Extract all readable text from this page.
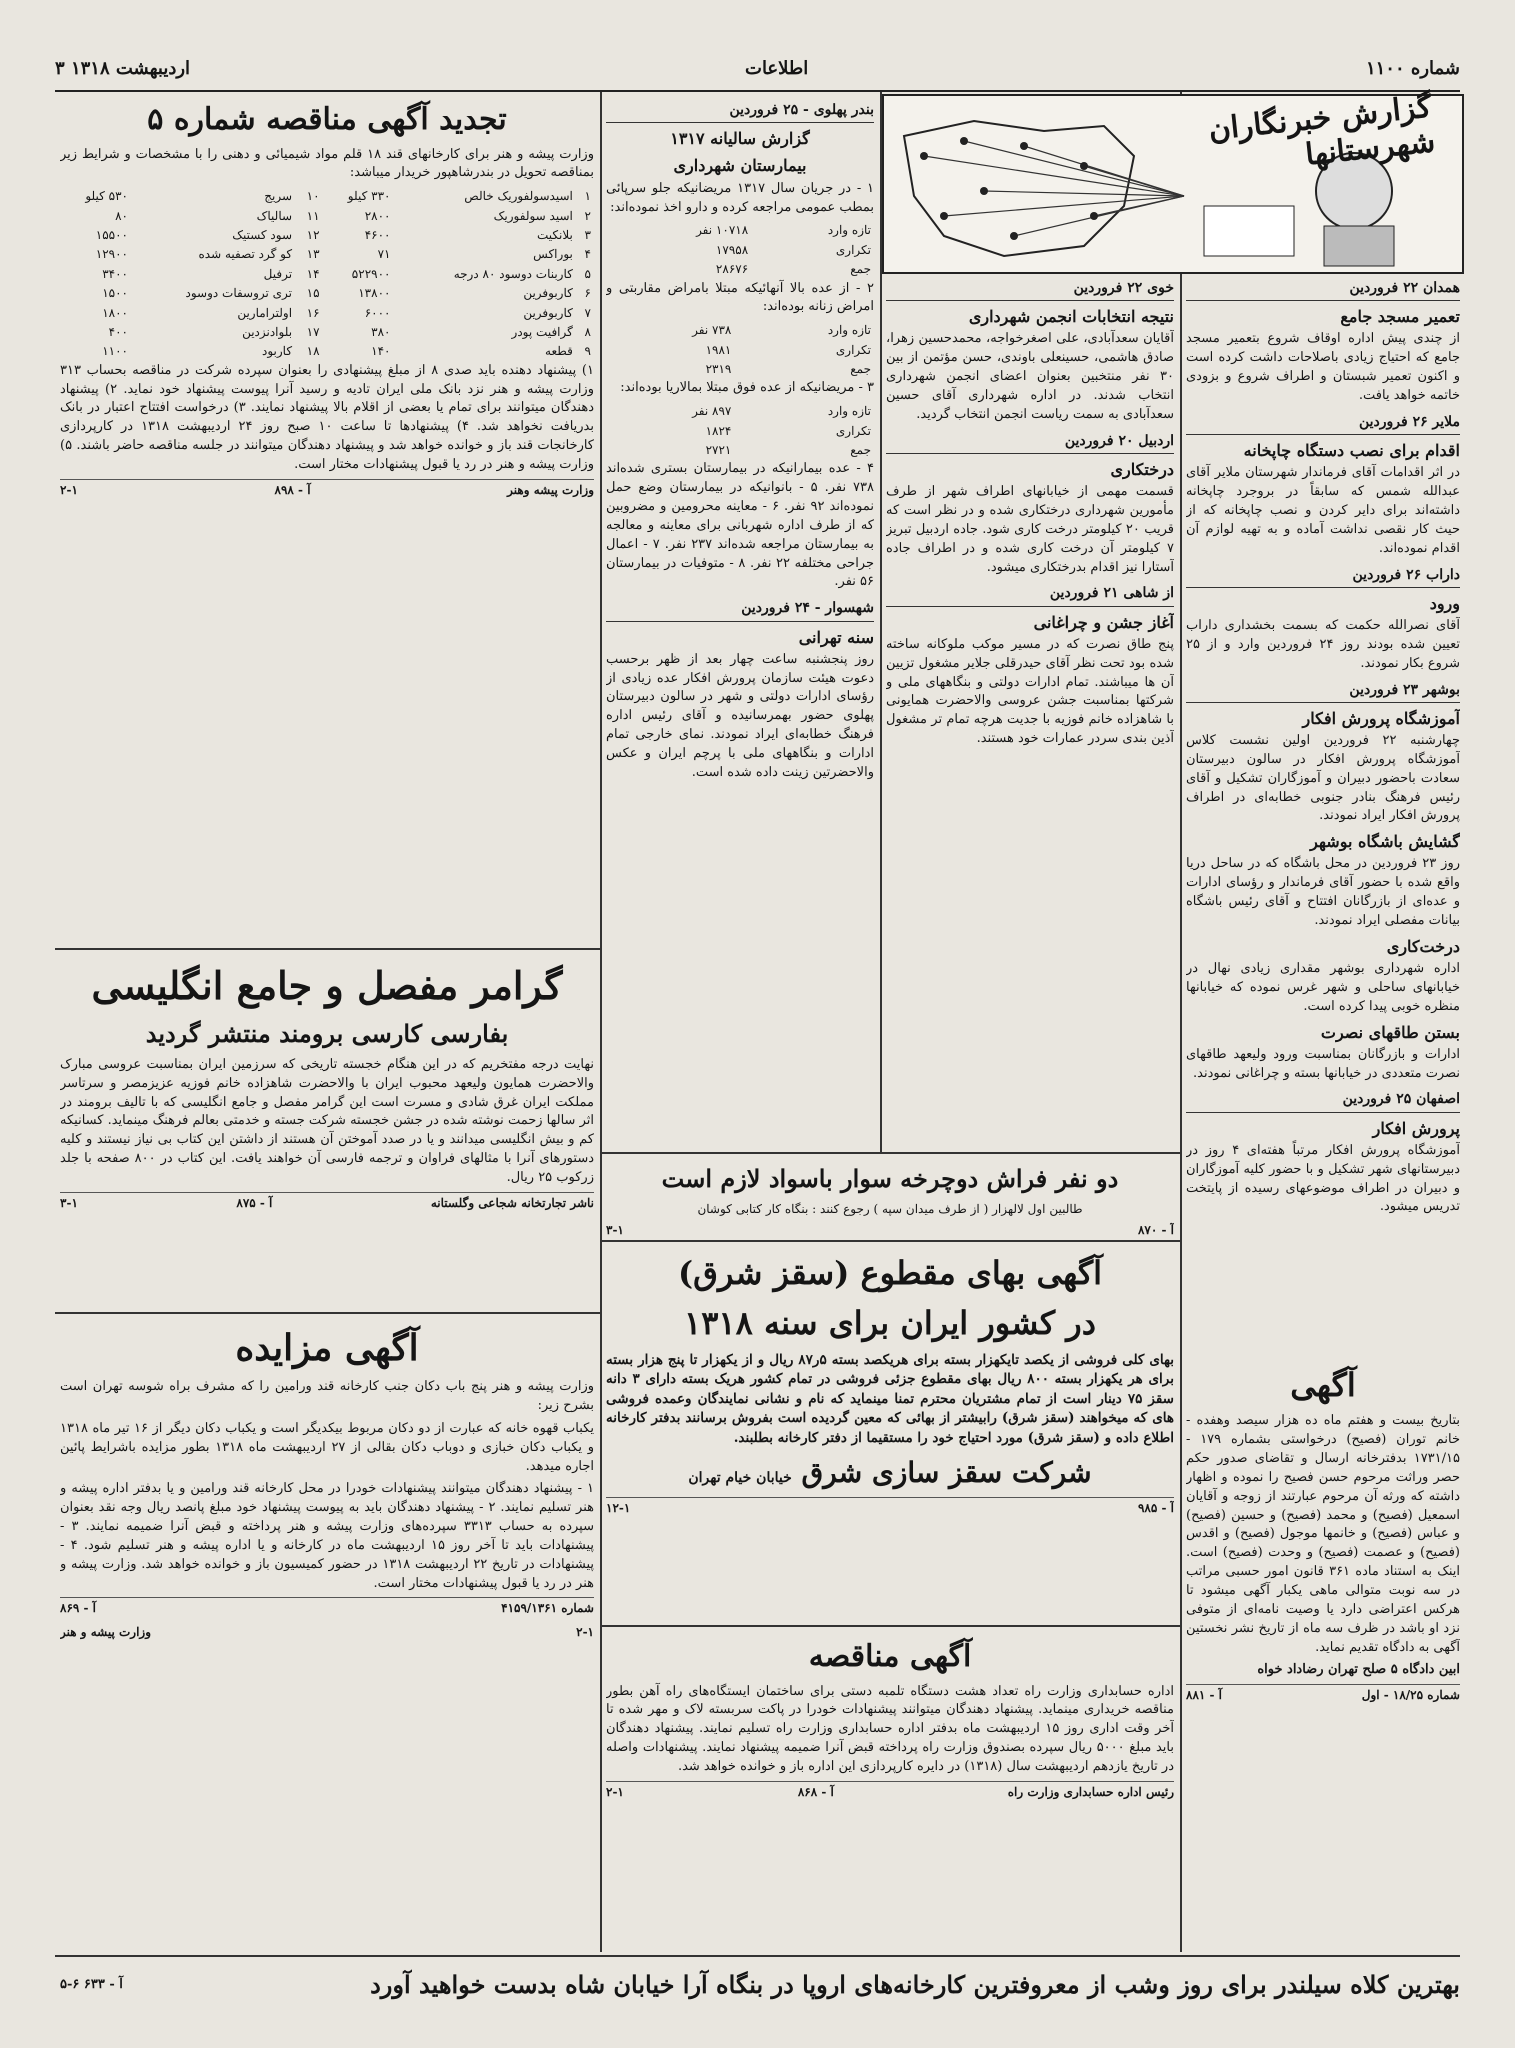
۳ اردیبهشت ۱۳۱۸	اطلاعات	شماره ۱۱۰۰
گزارش خبرنگاران شهرستانها
همدان ۲۲ فروردین
تعمیر مسجد جامع

از چندی پیش اداره اوقاف شروع بتعمیر مسجد جامع که احتیاج زیادی باصلاحات داشت کرده است و اکنون تعمیر شبستان و اطراف شروع و بزودی خاتمه خواهد یافت.

ملایر ۲۶ فروردین
اقدام برای نصب دستگاه چاپخانه

در اثر اقدامات آقای فرماندار شهرستان ملایر آقای عبدالله شمس که سابقاً در بروجرد چاپخانه داشته‌اند برای دایر کردن و نصب چاپخانه که از حیث کار نقصی نداشت آماده و به تهیه لوازم آن اقدام نموده‌اند.

داراب ۲۶ فروردین
ورود

آقای نصرالله حکمت که بسمت بخشداری داراب تعیین شده بودند روز ۲۴ فروردین وارد و از ۲۵ شروع بکار نمودند.

بوشهر ۲۳ فروردین
آموزشگاه پرورش افکار

چهارشنبه ۲۲ فروردین اولین نشست کلاس آموزشگاه پرورش افکار در سالون دبیرستان سعادت باحضور دبیران و آموزگاران تشکیل و آقای رئیس فرهنگ بنادر جنوبی خطابه‌ای در اطراف پرورش افکار ایراد نمودند.

گشایش باشگاه بوشهر

روز ۲۳ فروردین در محل باشگاه که در ساحل دریا واقع شده با حضور آقای فرماندار و رؤسای ادارات و عده‌ای از بازرگانان افتتاح و آقای رئیس باشگاه بیانات مفصلی ایراد نمودند.

درخت‌کاری

اداره شهرداری بوشهر مقداری زیادی نهال در خیابانهای ساحلی و شهر غرس نموده که خیابانها منظره خوبی پیدا کرده است.

بستن طاقهای نصرت

ادارات و بازرگانان بمناسبت ورود ولیعهد طاقهای نصرت متعددی در خیابانها بسته و چراغانی نمودند.

اصفهان ۲۵ فروردین
پرورش افکار

آموزشگاه پرورش افکار مرتباً هفته‌ای ۴ روز در دبیرستانهای شهر تشکیل و با حضور کلیه آموزگاران و دبیران در اطراف موضوعهای رسیده از پایتخت تدریس میشود.

خوی ۲۲ فروردین
نتیجه انتخابات انجمن شهرداری

آقایان سعدآبادی، علی اصغرخواجه، محمدحسین زهرا، صادق هاشمی، حسینعلی باوندی، حسن مؤتمن از بین ۳۰ نفر منتخبین بعنوان اعضای انجمن شهرداری انتخاب شدند. در اداره شهرداری آقای حسین سعدآبادی به سمت ریاست انجمن انتخاب گردید.

اردبیل ۲۰ فروردین
درختکاری

قسمت مهمی از خیابانهای اطراف شهر از طرف مأمورین شهرداری درختکاری شده و در نظر است که قریب ۲۰ کیلومتر درخت کاری شود. جاده اردبیل تبریز ۷ کیلومتر آن درخت کاری شده و در اطراف جاده آستارا نیز اقدام بدرختکاری میشود.

از شاهی ۲۱ فروردین
آغاز جشن و چراغانی

پنج طاق نصرت که در مسیر موکب ملوکانه ساخته شده بود تحت نظر آقای حیدرقلی جلایر مشغول تزیین آن ها میباشند. تمام ادارات دولتی و بنگاههای ملی و شرکتها بمناسبت جشن عروسی والاحضرت همایونی با شاهزاده خانم فوزیه با جدیت هرچه تمام تر مشغول آذین بندی سردر عمارات خود هستند.

بندر پهلوی - ۲۵ فروردین
گزارش سالیانه ۱۳۱۷
بیمارستان شهرداری

۱ - در جریان سال ۱۳۱۷ مریضانیکه جلو سرپائی بمطب عمومی مراجعه کرده و دارو اخذ نموده‌اند:

تازه وارد	۱۰۷۱۸ نفر
تکراری	۱۷۹۵۸
جمع	۲۸۶۷۶

۲ - از عده بالا آنهائیکه مبتلا بامراض مقاربتی و امراض زنانه بوده‌اند:

تازه وارد	۷۳۸ نفر
تکراری	۱۹۸۱
جمع	۲۳۱۹

۳ - مریضانیکه از عده فوق مبتلا بمالاریا بوده‌اند:

تازه وارد	۸۹۷ نفر
تکراری	۱۸۲۴
جمع	۲۷۲۱

۴ - عده بیمارانیکه در بیمارستان بستری شده‌اند ۷۳۸ نفر. ۵ - بانوانیکه در بیمارستان وضع حمل نموده‌اند ۹۲ نفر. ۶ - معاینه محرومین و مضروبین که از طرف اداره شهربانی برای معاینه و معالجه به بیمارستان مراجعه شده‌اند ۲۳۷ نفر. ۷ - اعمال جراحی مختلفه ۲۲ نفر. ۸ - متوفیات در بیمارستان ۵۶ نفر.

شهسوار - ۲۴ فروردین
سنه تهرانی

روز پنجشنبه ساعت چهار بعد از ظهر برحسب دعوت هیئت سازمان پرورش افکار عده زیادی از رؤسای ادارات دولتی و شهر در سالون دبیرستان پهلوی حضور بهمرسانیده و آقای رئیس اداره فرهنگ خطابه‌ای ایراد نمودند. نمای خارجی تمام ادارات و بنگاههای ملی با پرچم ایران و عکس والاحضرتین زینت داده شده است.

تجدید آگهی مناقصه شماره ۵

وزارت پیشه و هنر برای کارخانهای قند ۱۸ قلم مواد شیمیائی و دهنی را با مشخصات و شرایط زیر بمناقصه تحویل در بندرشاهپور خریدار میباشد:

۱	اسیدسولفوریک خالص	۳۳۰ کیلو	۱۰	سریج	۵۳۰ کیلو
۲	اسید سولفوریک	۲۸۰۰	۱۱	سالیاک	۸۰
۳	بلانکیت	۴۶۰۰	۱۲	سود کستیک	۱۵۵۰۰
۴	بوراکس	۷۱	۱۳	کو گرد تصفیه شده	۱۲۹۰۰
۵	کاربنات دوسود ۸۰ درجه	۵۲۲۹۰۰	۱۴	ترفیل	۳۴۰۰
۶	کاربوفرین	۱۳۸۰۰	۱۵	تری تروسفات دوسود	۱۵۰۰
۷	کاربوفرین	۶۰۰۰	۱۶	اولترامارین	۱۸۰۰
۸	گرافیت پودر	۳۸۰	۱۷	بلوادنزدین	۴۰۰
۹	قطعه	۱۴۰	۱۸	کاربود	۱۱۰۰

۱) پیشنهاد دهنده باید صدی ۸ از مبلغ پیشنهادی را بعنوان سپرده شرکت در مناقصه بحساب ۳۱۳ وزارت پیشه و هنر نزد بانک ملی ایران تادیه و رسید آنرا پیوست پیشنهاد خود نماید. ۲) پیشنهاد دهندگان میتوانند برای تمام یا بعضی از اقلام بالا پیشنهاد نمایند. ۳) درخواست افتتاح اعتبار در بانک بدریافت نخواهد شد. ۴) پیشنهادها تا ساعت ۱۰ صبح روز ۲۴ اردیبهشت ۱۳۱۸ در کارپردازی کارخانجات قند باز و خوانده خواهد شد و پیشنهاد دهندگان میتوانند در جلسه مناقصه حاضر باشند. ۵) وزارت پیشه و هنر در رد یا قبول پیشنهادات مختار است.

وزارت پیشه وهنر
آ - ۸۹۸
۲-۱
گرامر مفصل و جامع انگلیسی
بفارسی کارسی برومند منتشر گردید

نهایت درجه مفتخریم که در این هنگام خجسته تاریخی که سرزمین ایران بمناسبت عروسی مبارک والاحضرت همایون ولیعهد محبوب ایران با والاحضرت شاهزاده خانم فوزیه عزیزمصر و سرتاسر مملکت ایران غرق شادی و مسرت است این گرامر مفصل و جامع انگلیسی که با تالیف برومند در اثر سالها زحمت نوشته شده در جشن خجسته شرکت جسته و خدمتی بعالم فرهنگ مینماید. کسانیکه کم و بیش انگلیسی میدانند و یا در صدد آموختن آن هستند از داشتن این کتاب بی نیاز نیستند و کلیه دستورهای آنرا با مثالهای فراوان و ترجمه فارسی آن خواهند یافت. این کتاب در ۸۰۰ صفحه با جلد زرکوب ۲۵ ریال.

ناشر تجارتخانه شجاعی وگلستانه
آ - ۸۷۵
۳-۱
آگهی مزایده

وزارت پیشه و هنر پنج باب دکان جنب کارخانه قند ورامین را که مشرف براه شوسه تهران است بشرح زیر:

یکباب قهوه خانه که عبارت از دو دکان مربوط بیکدیگر است و یکباب دکان دیگر از ۱۶ تیر ماه ۱۳۱۸ و یکباب دکان خبازی و دوباب دکان بقالی از ۲۷ اردیبهشت ماه ۱۳۱۸ بطور مزایده باشرایط پائین اجاره میدهد.

۱ - پیشنهاد دهندگان میتوانند پیشنهادات خودرا در محل کارخانه قند ورامین و یا بدفتر اداره پیشه و هنر تسلیم نمایند. ۲ - پیشنهاد دهندگان باید به پیوست پیشنهاد خود مبلغ پانصد ریال وجه نقد بعنوان سپرده به حساب ۳۳۱۳ سپرده‌های وزارت پیشه و هنر پرداخته و قبض آنرا ضمیمه نمایند. ۳ - پیشنهادات باید تا آخر روز ۱۵ اردیبهشت ماه در کارخانه و یا اداره پیشه و هنر تسلیم شود. ۴ - پیشنهادات در تاریخ ۲۲ اردیبهشت ۱۳۱۸ در حضور کمیسیون باز و خوانده خواهد شد. وزارت پیشه و هنر در رد یا قبول پیشنهادات مختار است.

شماره ۴۱۵۹/۱۳۶۱
آ - ۸۶۹
۲-۱
وزارت پیشه و هنر
دو نفر فراش دوچرخه سوار باسواد لازم است

طالبین اول لالهزار ( از طرف میدان سپه ) رجوع کنند : بنگاه کار کتابی کوشان

آ - ۸۷۰
۳-۱
آگهی بهای مقطوع (سقز شرق)
در کشور ایران برای سنه ۱۳۱۸

بهای کلی فروشی از یکصد تایکهزار بسته برای هریکصد بسته ۵ر۸۷ ریال و از یکهزار تا پنج هزار بسته برای هر یکهزار بسته ۸۰۰ ریال بهای مقطوع جزئی فروشی در تمام کشور هریک بسته دارای ۳ دانه سقز ۷۵ دینار است از تمام مشتریان محترم تمنا مینماید که نام و نشانی نمایندگان وعمده فروشی های که میخواهند (سقز شرق) رابیشتر از بهائی که معین گردیده است بفروش برسانند بدفتر کارخانه اطلاع داده و (سقز شرق) مورد احتیاج خود را مستقیما از دفتر کارخانه بطلبند.

شرکت سقز سازی شرق خیابان خیام تهران
آ - ۹۸۵
۱۲-۱
آگهی مناقصه

اداره حسابداری وزارت راه تعداد هشت دستگاه تلمبه دستی برای ساختمان ایستگاه‌های راه آهن بطور مناقصه خریداری مینماید. پیشنهاد دهندگان میتوانند پیشنهادات خودرا در پاکت سربسته لاک و مهر شده تا آخر وقت اداری روز ۱۵ اردیبهشت ماه بدفتر اداره حسابداری وزارت راه تسلیم نمایند. پیشنهاد دهندگان باید مبلغ ۵۰۰۰ ریال سپرده بصندوق وزارت راه پرداخته قبض آنرا ضمیمه پیشنهاد نمایند. پیشنهادات واصله در تاریخ یازدهم اردیبهشت سال (۱۳۱۸) در دایره کارپردازی این اداره باز و خوانده خواهد شد.

رئیس اداره حسابداری وزارت راه
آ - ۸۶۸
۲-۱
آگهی

بتاریخ بیست و هفتم ماه ده هزار سیصد وهفده - خانم توران (فصیح) درخواستی بشماره ۱۷۹ - ۱۷۳۱/۱۵ بدفترخانه ارسال و تقاضای صدور حکم حصر وراثت مرحوم حسن فصیح را نموده و اظهار داشته که ورثه آن مرحوم عبارتند از زوجه و آقایان اسمعیل (فصیح) و محمد (فصیح) و حسین (فصیح) و عباس (فصیح) و خانمها موجول (فصیح) و اقدس (فصیح) و عصمت (فصیح) و وحدت (فصیح) است. اینک به استناد ماده ۳۶۱ قانون امور حسبی مراتب در سه نوبت متوالی ماهی یکبار آگهی میشود تا هرکس اعتراضی دارد یا وصیت نامه‌ای از متوفی نزد او باشد در ظرف سه ماه از تاریخ نشر نخستین آگهی به دادگاه تقدیم نماید.

ابین دادگاه ۵ صلح تهران رضاداد خواه

شماره ۱۸/۲۵ - اول
آ - ۸۸۱
بهترین کلاه سیلندر برای روز وشب از معروفترین کارخانه‌های اروپا در بنگاه آرا خیابان شاه بدست خواهید آورد
آ - ۶۳۳ ۶-۵
